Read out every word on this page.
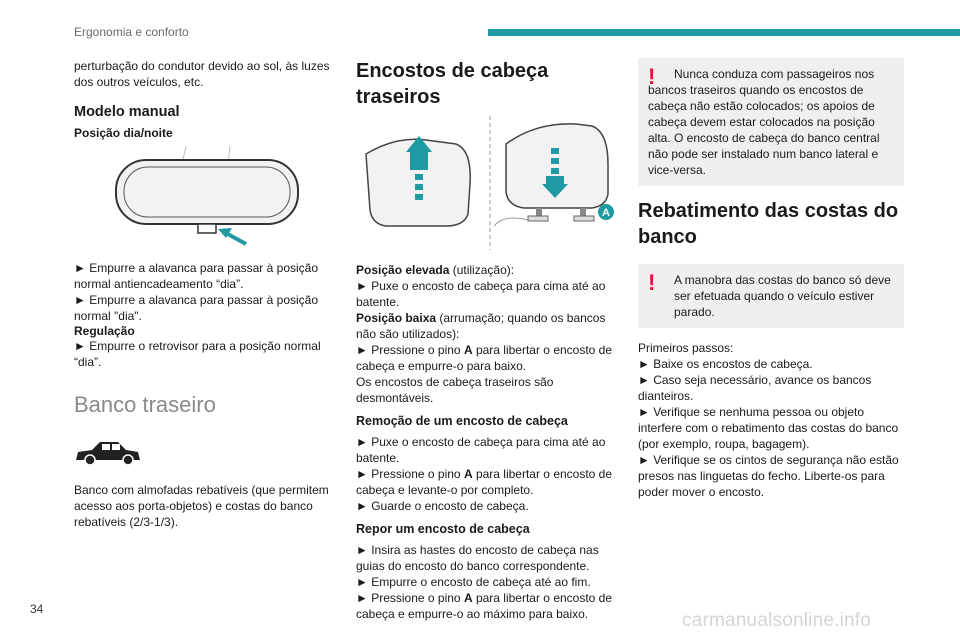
Ergonomia e conforto

perturbação do condutor devido ao sol, às luzes dos outros veículos, etc.

Modelo manual
Posição dia/noite

► Empurre a alavanca para passar à posição normal antiencadeamento “dia”.

► Empurre a alavanca para passar à posição normal "dia".

Regulação

► Empurre o retrovisor para a posição normal “dia”.

Banco traseiro

Banco com almofadas rebatíveis (que permitem acesso aos porta-objetos) e costas do banco rebatíveis (2/3-1/3).

Encostos de cabeça traseiros
A

Posição elevada (utilização):

► Puxe o encosto de cabeça para cima até ao batente.

Posição baixa (arrumação; quando os bancos não são utilizados):

► Pressione o pino A para libertar o encosto de cabeça e empurre-o para baixo.

Os encostos de cabeça traseiros são desmontáveis.

Remoção de um encosto de cabeça

► Puxe o encosto de cabeça para cima até ao batente.

► Pressione o pino A para libertar o encosto de cabeça e levante-o por completo.

► Guarde o encosto de cabeça.

Repor um encosto de cabeça

► Insira as hastes do encosto de cabeça nas guias do encosto do banco correspondente.

► Empurre o encosto de cabeça até ao fim.

► Pressione o pino A para libertar o encosto de cabeça e empurre-o ao máximo para baixo.

!	Nunca conduza com passageiros nos bancos traseiros quando os encostos de cabeça não estão colocados; os apoios de cabeça devem estar colocados na posição alta. O encosto de cabeça do banco central não pode ser instalado num banco lateral e vice-versa.
Rebatimento das costas do banco
!	A manobra das costas do banco só deve ser efetuada quando o veículo estiver parado.

Primeiros passos:

► Baixe os encostos de cabeça.

► Caso seja necessário, avance os bancos dianteiros.

► Verifique se nenhuma pessoa ou objeto interfere com o rebatimento das costas do banco (por exemplo, roupa, bagagem).

► Verifique se os cintos de segurança não estão presos nas linguetas do fecho. Liberte-os para poder mover o encosto.

34
carmanualsonline.info
